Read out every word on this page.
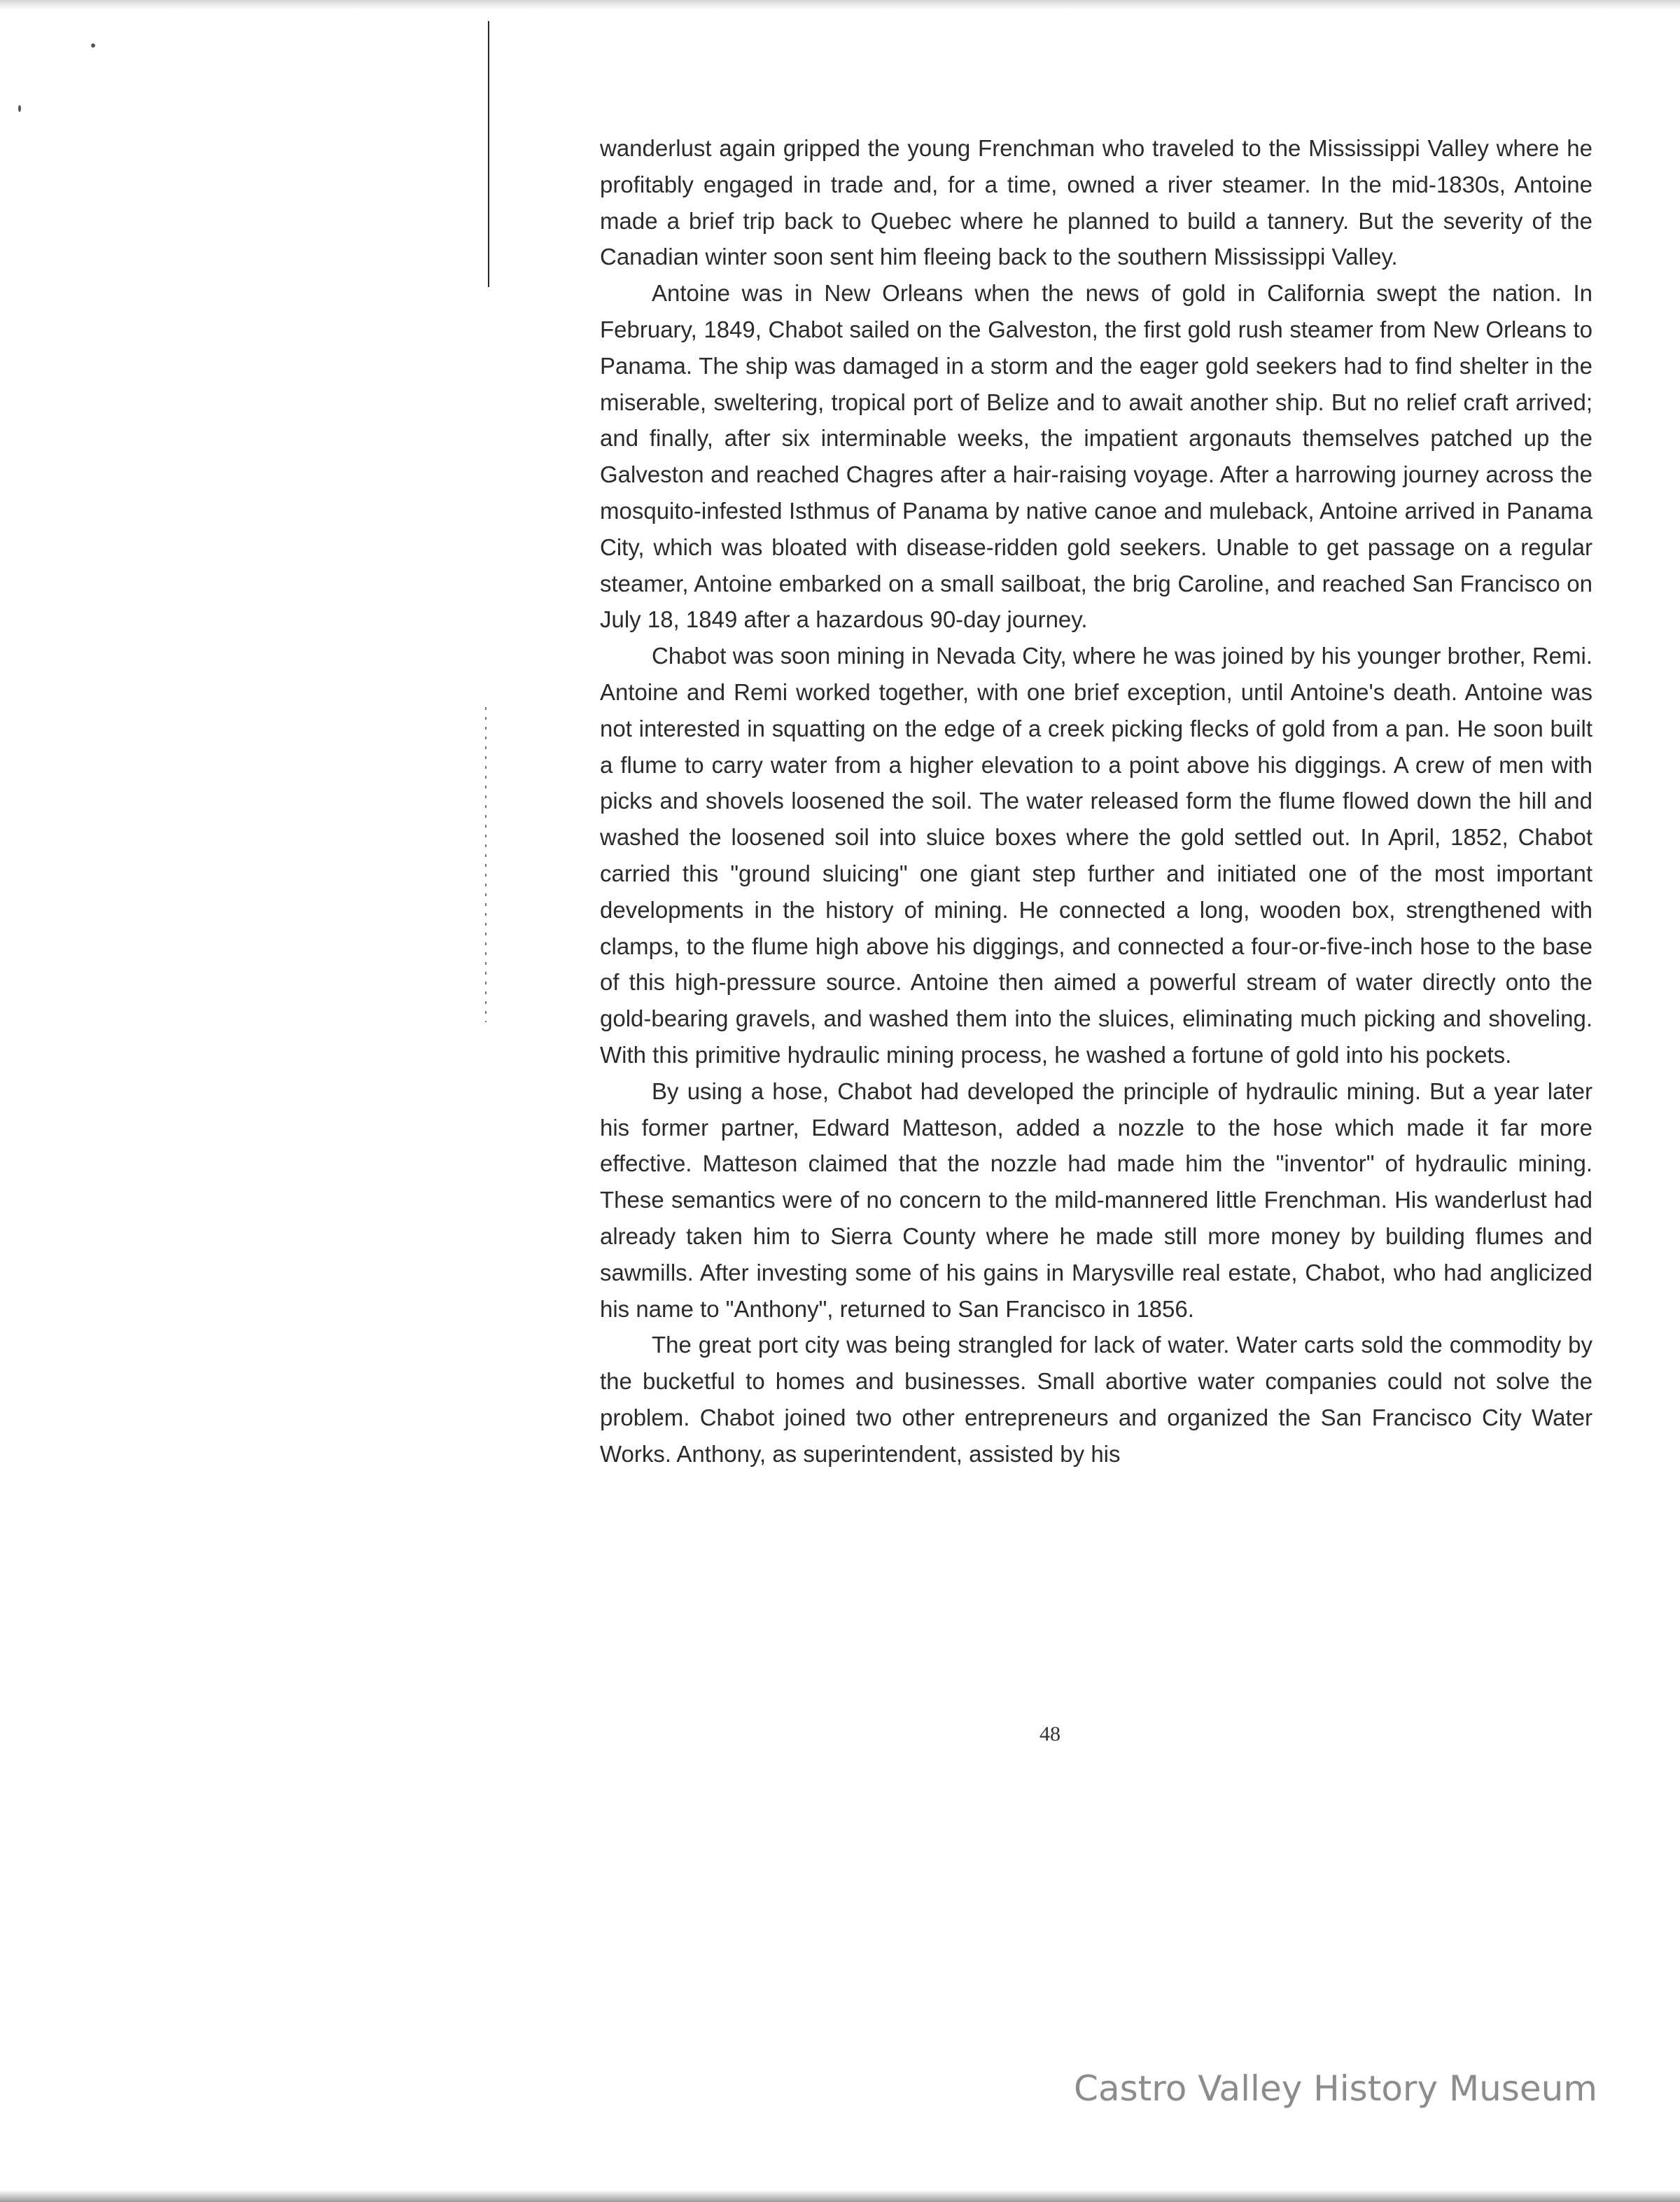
wanderlust again gripped the young Frenchman who traveled to the Mississippi Valley where he profitably engaged in trade and, for a time, owned a river steamer. In the mid-1830s, Antoine made a brief trip back to Quebec where he planned to build a tannery. But the severity of the Canadian winter soon sent him fleeing back to the southern Mississippi Valley.

Antoine was in New Orleans when the news of gold in California swept the nation. In February, 1849, Chabot sailed on the Galveston, the first gold rush steamer from New Orleans to Panama. The ship was damaged in a storm and the eager gold seekers had to find shelter in the miserable, sweltering, tropical port of Belize and to await another ship. But no relief craft arrived; and finally, after six interminable weeks, the impatient argonauts themselves patched up the Galveston and reached Chagres after a hair-raising voyage. After a harrowing journey across the mosquito-infested Isthmus of Panama by native canoe and muleback, Antoine arrived in Panama City, which was bloated with disease-ridden gold seekers. Unable to get passage on a regular steamer, Antoine embarked on a small sailboat, the brig Caroline, and reached San Francisco on July 18, 1849 after a hazardous 90-day journey.

Chabot was soon mining in Nevada City, where he was joined by his younger brother, Remi. Antoine and Remi worked together, with one brief exception, until Antoine's death. Antoine was not interested in squatting on the edge of a creek picking flecks of gold from a pan. He soon built a flume to carry water from a higher elevation to a point above his diggings. A crew of men with picks and shovels loosened the soil. The water released form the flume flowed down the hill and washed the loosened soil into sluice boxes where the gold settled out. In April, 1852, Chabot carried this "ground sluicing" one giant step further and initiated one of the most important developments in the history of mining. He connected a long, wooden box, strengthened with clamps, to the flume high above his diggings, and connected a four-or-five-inch hose to the base of this high-pressure source. Antoine then aimed a powerful stream of water directly onto the gold-bearing gravels, and washed them into the sluices, eliminating much picking and shoveling. With this primitive hydraulic mining process, he washed a fortune of gold into his pockets.

By using a hose, Chabot had developed the principle of hydraulic mining. But a year later his former partner, Edward Matteson, added a nozzle to the hose which made it far more effective. Matteson claimed that the nozzle had made him the "inventor" of hydraulic mining. These semantics were of no concern to the mild-mannered little Frenchman. His wanderlust had already taken him to Sierra County where he made still more money by building flumes and sawmills. After investing some of his gains in Marysville real estate, Chabot, who had anglicized his name to "Anthony", returned to San Francisco in 1856.

The great port city was being strangled for lack of water. Water carts sold the commodity by the bucketful to homes and businesses. Small abortive water companies could not solve the problem. Chabot joined two other entrepreneurs and organized the San Francisco City Water Works. Anthony, as superintendent, assisted by his

48
Castro Valley History Museum
